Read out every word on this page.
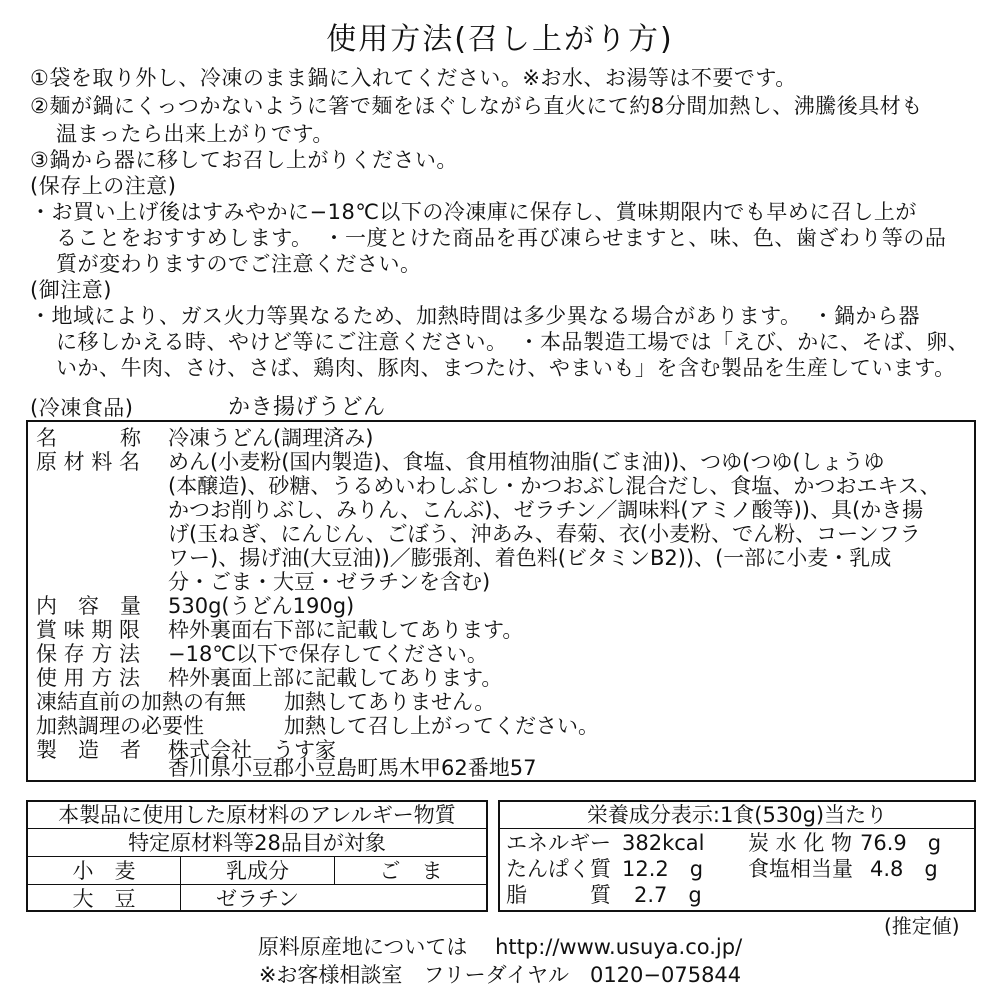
使用方法(召し上がり方)
①袋を取り外し、冷凍のまま鍋に入れてください。※お水、お湯等は不要です。
②麺が鍋にくっつかないように箸で麺をほぐしながら直火にて約8分間加熱し、沸騰後具材も
温まったら出来上がりです。
③鍋から器に移してお召し上がりください。
(保存上の注意)
・お買い上げ後はすみやかに−18℃以下の冷凍庫に保存し、賞味期限内でも早めに召し上が
ることをおすすめします。　・一度とけた商品を再び凍らせますと、味、色、歯ざわり等の品
質が変わりますのでご注意ください。
(御注意)
・地域により、ガス火力等異なるため、加熱時間は多少異なる場合があります。　・鍋から器
に移しかえる時、やけど等にご注意ください。　・本品製造工場では「えび、かに、そば、卵、
いか、牛肉、さけ、さば、鶏肉、豚肉、まつたけ、やまいも」を含む製品を生産しています。
(冷凍食品)	かき揚げうどん
名　　　称 冷凍うどん(調理済み)
原 材 料 名 めん(小麦粉(国内製造)、食塩、食用植物油脂(ごま油))、つゆ(つゆ(しょうゆ
(本醸造)、砂糖、うるめいわしぶし・かつおぶし混合だし、食塩、かつおエキス、
かつお削りぶし、みりん、こんぶ)、ゼラチン／調味料(アミノ酸等))、具(かき揚
げ(玉ねぎ、にんじん、ごぼう、沖あみ、春菊、衣(小麦粉、でん粉、コーンフラ
ワー)、揚げ油(大豆油))／膨張剤、着色料(ビタミンB2))、(一部に小麦・乳成
分・ごま・大豆・ゼラチンを含む)
内　容　量 530g(うどん190g)
賞 味 期 限 枠外裏面右下部に記載してあります。
保 存 方 法 −18℃以下で保存してください。
使 用 方 法 枠外裏面上部に記載してあります。
凍結直前の加熱の有無 加熱してありません。
加熱調理の必要性	加熱して召し上がってください。
製　造　者 株式会社　うす家
香川県小豆郡小豆島町馬木甲62番地57
本製品に使用した原材料のアレルギー物質
特定原材料等28品目が対象
小　麦	乳成分	ご　ま
大　豆	ゼラチン
栄養成分表示:1食(530g)当たり
エネルギー 382kcal 炭 水 化 物 76.9　g
たんぱく質 12.2　g 食塩相当量 4.8　g
脂　　　質 2.7　g
(推定値)
原料原産地については　 http://www.usuya.co.jp/
※お客様相談室　フリーダイヤル　0120−075844
